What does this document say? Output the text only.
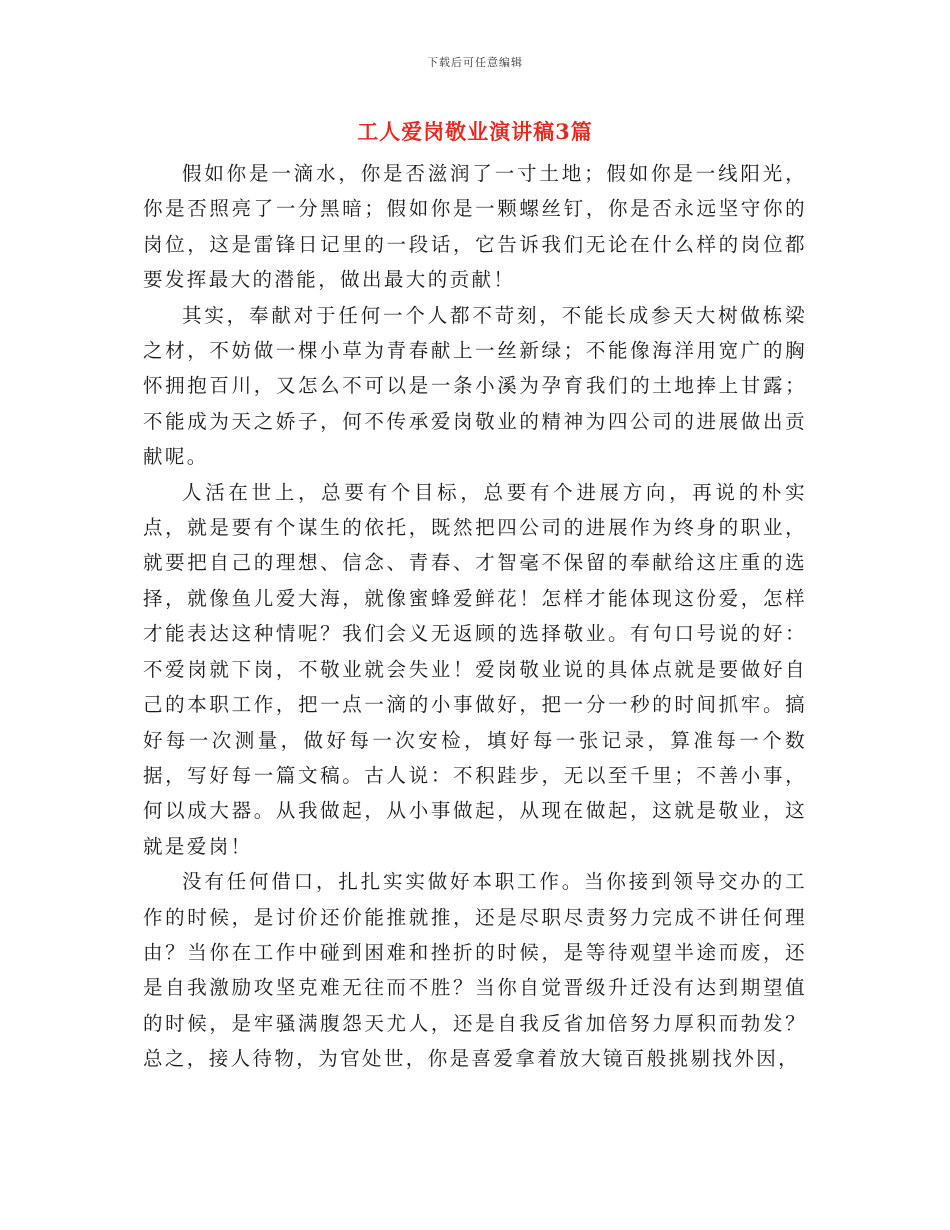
下载后可任意编辑
工人爱岗敬业演讲稿3篇

假如你是一滴水，你是否滋润了一寸土地；假如你是一线阳光，你是否照亮了一分黑暗；假如你是一颗螺丝钉，你是否永远坚守你的岗位，这是雷锋日记里的一段话，它告诉我们无论在什么样的岗位都要发挥最大的潜能，做出最大的贡献！

其实，奉献对于任何一个人都不苛刻，不能长成参天大树做栋梁之材，不妨做一棵小草为青春献上一丝新绿；不能像海洋用宽广的胸怀拥抱百川，又怎么不可以是一条小溪为孕育我们的土地捧上甘露；不能成为天之娇子，何不传承爱岗敬业的精神为四公司的进展做出贡献呢。

人活在世上，总要有个目标，总要有个进展方向，再说的朴实点，就是要有个谋生的依托，既然把四公司的进展作为终身的职业，就要把自己的理想、信念、青春、才智毫不保留的奉献给这庄重的选择，就像鱼儿爱大海，就像蜜蜂爱鲜花！怎样才能体现这份爱，怎样才能表达这种情呢？我们会义无返顾的选择敬业。有句口号说的好：不爱岗就下岗，不敬业就会失业！爱岗敬业说的具体点就是要做好自己的本职工作，把一点一滴的小事做好，把一分一秒的时间抓牢。搞好每一次测量，做好每一次安检，填好每一张记录，算准每一个数据，写好每一篇文稿。古人说：不积跬步，无以至千里；不善小事，何以成大器。从我做起，从小事做起，从现在做起，这就是敬业，这就是爱岗！

没有任何借口，扎扎实实做好本职工作。当你接到领导交办的工作的时候，是讨价还价能推就推，还是尽职尽责努力完成不讲任何理由？当你在工作中碰到困难和挫折的时候，是等待观望半途而废，还是自我激励攻坚克难无往而不胜？当你自觉晋级升迁没有达到期望值的时候，是牢骚满腹怨天尤人，还是自我反省加倍努力厚积而勃发？总之，接人待物，为官处世，你是喜爱拿着放大镜百般挑剔找外因，
